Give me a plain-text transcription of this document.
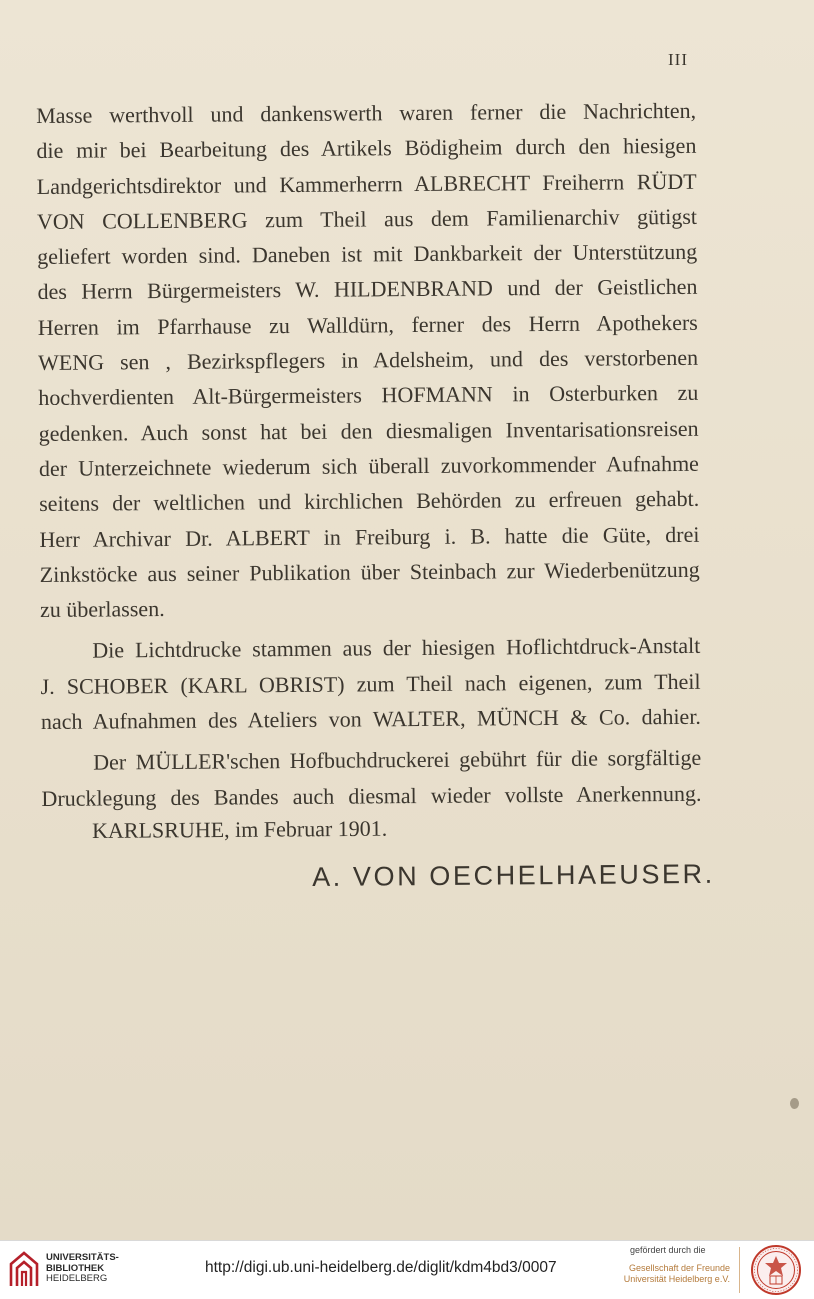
III
Masse werthvoll und dankenswerth waren ferner die Nachrichten,
die mir bei Bearbeitung des Artikels Bödigheim durch den hiesigen
Landgerichtsdirektor und Kammerherrn ALBRECHT Freiherrn RÜDT
VON COLLENBERG zum Theil aus dem Familienarchiv gütigst
geliefert worden sind. Daneben ist mit Dankbarkeit der Unterstützung
des Herrn Bürgermeisters W. HILDENBRAND und der Geistlichen
Herren im Pfarrhause zu Walldürn, ferner des Herrn Apothekers
WENG sen , Bezirkspflegers in Adelsheim, und des verstorbenen
hochverdienten Alt-Bürgermeisters HOFMANN in Osterburken zu
gedenken. Auch sonst hat bei den diesmaligen Inventarisationsreisen
der Unterzeichnete wiederum sich überall zuvorkommender Aufnahme
seitens der weltlichen und kirchlichen Behörden zu erfreuen gehabt.
Herr Archivar Dr. ALBERT in Freiburg i. B. hatte die Güte, drei
Zinkstöcke aus seiner Publikation über Steinbach zur Wiederbenützung
zu überlassen.
Die Lichtdrucke stammen aus der hiesigen Hoflichtdruck-Anstalt
J. SCHOBER (KARL OBRIST) zum Theil nach eigenen, zum Theil
nach Aufnahmen des Ateliers von WALTER, MÜNCH & Co. dahier.
Der MÜLLER'schen Hofbuchdruckerei gebührt für die sorgfältige
Drucklegung des Bandes auch diesmal wieder vollste Anerkennung.
KARLSRUHE, im Februar 1901.
A. VON OECHELHAEUSER.
UNIVERSITÄTS-
BIBLIOTHEK
HEIDELBERG
http://digi.ub.uni-heidelberg.de/diglit/kdm4bd3/0007
gefördert durch die
Gesellschaft der Freunde
Universität Heidelberg e.V.
